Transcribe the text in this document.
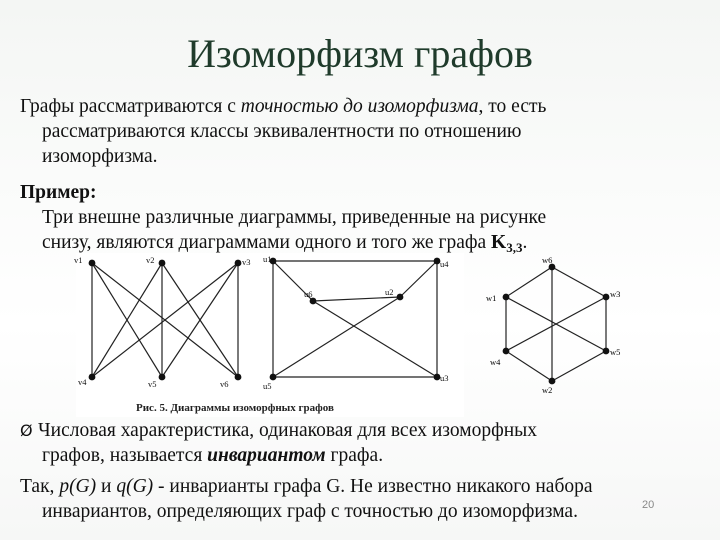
Изоморфизм графов
Графы рассматриваются с точностью до изоморфизма, то есть
рассматриваются классы эквивалентности по отношению
изоморфизма.
Пример:
Три внешне различные диаграммы, приведенные на рисунке
снизу, являются диаграммами одного и того же графа $K_{3,3}$.
v1	v2	v3
v4	v5	v6
u1
u2
u3
u4
u5
u6
Рис. 5. Диаграммы изоморфных графов
Ø Числовая характеристика, одинаковая для всех изоморфных
графов, называется инвариантом графа.
Так, p(G) и q(G) - инварианты графа G. Не известно никакого набора
инвариантов, определяющих граф с точностью до изоморфизма.	20
w1
w2
w3
w4
w5
w6
